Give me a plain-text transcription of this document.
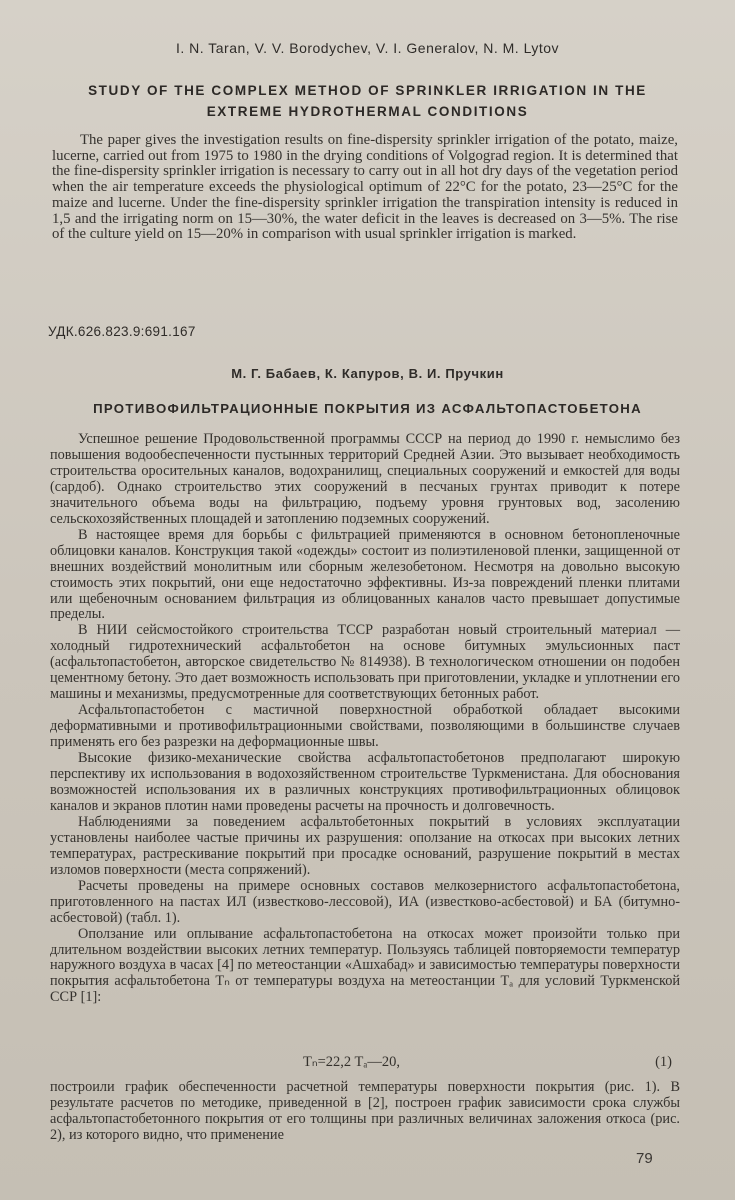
I. N. Taran, V. V. Borodychev, V. I. Generalov, N. M. Lytov
STUDY OF THE COMPLEX METHOD OF SPRINKLER IRRIGATION IN THE
EXTREME HYDROTHERMAL CONDITIONS

The paper gives the investigation results on fine-dispersity sprinkler irrigation of the potato, maize, lucerne, carried out from 1975 to 1980 in the drying conditions of Volgograd region. It is determined that the fine-dispersity sprinkler irrigation is necessary to carry out in all hot dry days of the vegetation period when the air temperature exceeds the physiological optimum of 22°C for the potato, 23—25°C for the maize and lucerne. Under the fine-dispersity sprinkler irrigation the transpiration intensity is reduced in 1,5 and the irrigating norm on 15—30%, the water deficit in the leaves is decreased on 3—5%. The rise of the culture yield on 15—20% in comparison with usual sprinkler irrigation is marked.

УДК.626.823.9:691.167
М. Г. Бабаев, К. Капуров, В. И. Пручкин
ПРОТИВОФИЛЬТРАЦИОННЫЕ ПОКРЫТИЯ ИЗ АСФАЛЬТОПАСТОБЕТОНА

Успешное решение Продовольственной программы СССР на период до 1990 г. немыслимо без повышения водообеспеченности пустынных территорий Средней Азии. Это вызывает необходимость строительства оросительных каналов, водохранилищ, специальных сооружений и емкостей для воды (сардоб). Однако строительство этих сооружений в песчаных грунтах приводит к потере значительного объема воды на фильтрацию, подъему уровня грунтовых вод, засолению сельскохозяйственных площадей и затоплению подземных сооружений.

В настоящее время для борьбы с фильтрацией применяются в основном бетонопленочные облицовки каналов. Конструкция такой «одежды» состоит из полиэтиленовой пленки, защищенной от внешних воздействий монолитным или сборным железобетоном. Несмотря на довольно высокую стоимость этих покрытий, они еще недостаточно эффективны. Из-за повреждений пленки плитами или щебеночным основанием фильтрация из облицованных каналов часто превышает допустимые пределы.

В НИИ сейсмостойкого строительства ТССР разработан новый строительный материал — холодный гидротехнический асфальтобетон на основе битумных эмульсионных паст (асфальтопастобетон, авторское свидетельство № 814938). В технологическом отношении он подобен цементному бетону. Это дает возможность использовать при приготовлении, укладке и уплотнении его машины и механизмы, предусмотренные для соответствующих бетонных работ.

Асфальтопастобетон с мастичной поверхностной обработкой обладает высокими деформативными и противофильтрационными свойствами, позволяющими в большинстве случаев применять его без разрезки на деформационные швы.

Высокие физико-механические свойства асфальтопастобетонов предполагают широкую перспективу их использования в водохозяйственном строительстве Туркменистана. Для обоснования возможностей использования их в различных конструкциях противофильтрационных облицовок каналов и экранов плотин нами проведены расчеты на прочность и долговечность.

Наблюдениями за поведением асфальтобетонных покрытий в условиях эксплуатации установлены наиболее частые причины их разрушения: оползание на откосах при высоких летних температурах, растрескивание покрытий при просадке оснований, разрушение покрытий в местах изломов поверхности (места сопряжений).

Расчеты проведены на примере основных составов мелкозернистого асфальтопастобетона, приготовленного на пастах ИЛ (известково-лессовой), ИА (известково-асбестовой) и БА (битумно-асбестовой) (табл. 1).

Оползание или оплывание асфальтопастобетона на откосах может произойти только при длительном воздействии высоких летних температур. Пользуясь таблицей повторяемости температур наружного воздуха в часах [4] по метеостанции «Ашхабад» и зависимостью температуры поверхности покрытия асфальтобетона Tₙ от температуры воздуха на метеостанции Tₐ для условий Туркменской ССР [1]:

Tₙ=22,2 Tₐ—20,	(1)

построили график обеспеченности расчетной температуры поверхности покрытия (рис. 1). В результате расчетов по методике, приведенной в [2], построен график зависимости срока службы асфальтопастобетонного покрытия от его толщины при различных величинах заложения откоса (рис. 2), из которого видно, что применение

79
